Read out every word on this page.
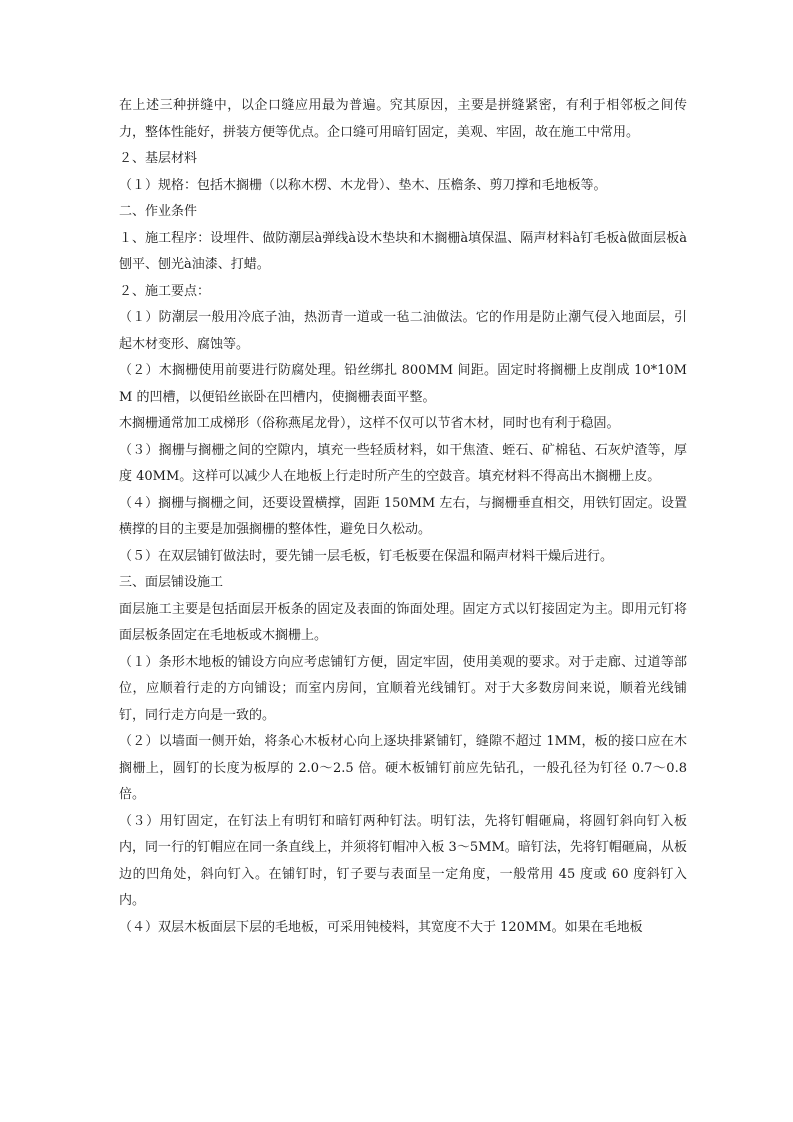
在上述三种拼缝中，以企口缝应用最为普遍。究其原因，主要是拼缝紧密，有利于相邻板之间传力，整体性能好，拼装方便等优点。企口缝可用暗钉固定，美观、牢固，故在施工中常用。

２、基层材料

（１）规格：包括木搁栅（以称木楞、木龙骨）、垫木、压檐条、剪刀撑和毛地板等。

二、作业条件

１、施工程序：设埋件、做防潮层à弹线à设木垫块和木搁栅à填保温、隔声材料à钉毛板à做面层板à刨平、刨光à油漆、打蜡。

２、施工要点：

（１）防潮层一般用冷底子油，热沥青一道或一毡二油做法。它的作用是防止潮气侵入地面层，引起木材变形、腐蚀等。

（２）木搁栅使用前要进行防腐处理。铅丝绑扎 800MM 间距。固定时将搁栅上皮削成 10*10MM 的凹槽，以便铅丝嵌卧在凹槽内，使搁栅表面平整。

木搁栅通常加工成梯形（俗称燕尾龙骨），这样不仅可以节省木材，同时也有利于稳固。

（３）搁栅与搁栅之间的空隙内，填充一些轻质材料，如干焦渣、蛭石、矿棉毡、石灰炉渣等，厚度 40MM。这样可以减少人在地板上行走时所产生的空鼓音。填充材料不得高出木搁栅上皮。

（４）搁栅与搁栅之间，还要设置横撑，固距 150MM 左右，与搁栅垂直相交，用铁钉固定。设置横撑的目的主要是加强搁栅的整体性，避免日久松动。

（５）在双层铺钉做法时，要先铺一层毛板，钉毛板要在保温和隔声材料干燥后进行。

三、面层铺设施工

面层施工主要是包括面层开板条的固定及表面的饰面处理。固定方式以钉接固定为主。即用元钉将面层板条固定在毛地板或木搁栅上。

（１）条形木地板的铺设方向应考虑铺钉方便，固定牢固，使用美观的要求。对于走廊、过道等部位，应顺着行走的方向铺设；而室内房间，宜顺着光线铺钉。对于大多数房间来说，顺着光线铺钉，同行走方向是一致的。

（２）以墙面一侧开始，将条心木板材心向上逐块排紧铺钉，缝隙不超过 1MM，板的接口应在木搁栅上，圆钉的长度为板厚的 2.0～2.5 倍。硬木板铺钉前应先钻孔，一般孔径为钉径 0.7～0.8 倍。

（３）用钉固定，在钉法上有明钉和暗钉两种钉法。明钉法，先将钉帽砸扁，将圆钉斜向钉入板内，同一行的钉帽应在同一条直线上，并须将钉帽冲入板 3～5MM。暗钉法，先将钉帽砸扁，从板边的凹角处，斜向钉入。在铺钉时，钉子要与表面呈一定角度，一般常用 45 度或 60 度斜钉入内。

（４）双层木板面层下层的毛地板，可采用钝棱料，其宽度不大于 120MM。如果在毛地板
